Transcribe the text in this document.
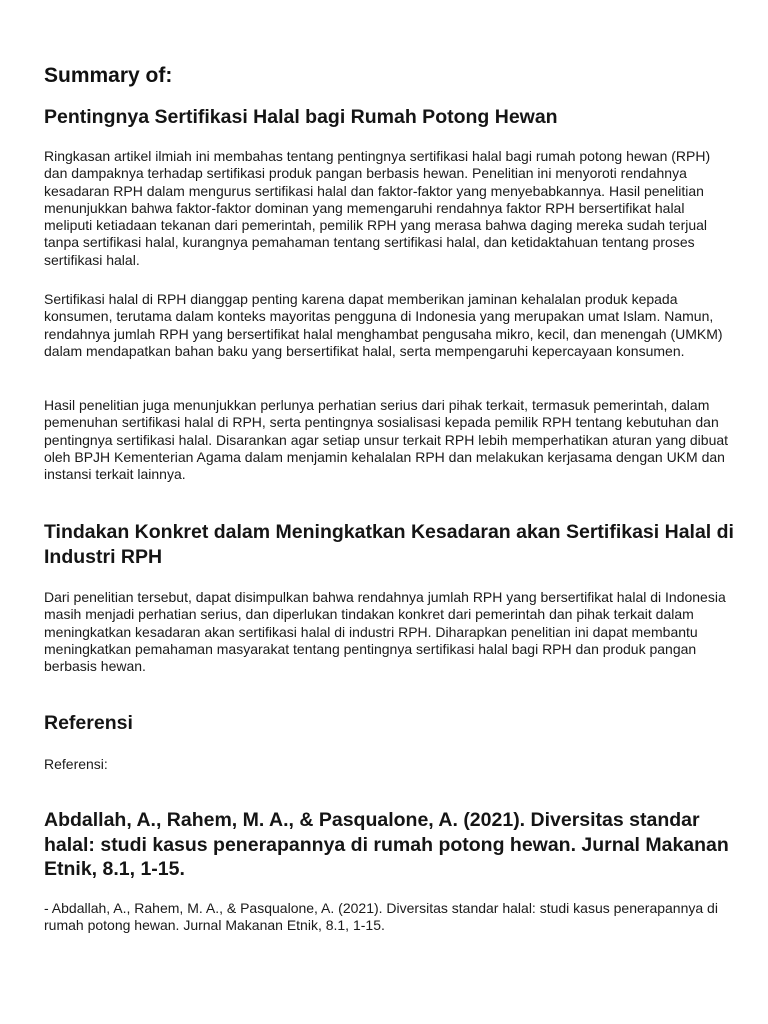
Summary of:
Pentingnya Sertifikasi Halal bagi Rumah Potong Hewan

Ringkasan artikel ilmiah ini membahas tentang pentingnya sertifikasi halal bagi rumah potong hewan (RPH) dan dampaknya terhadap sertifikasi produk pangan berbasis hewan. Penelitian ini menyoroti rendahnya kesadaran RPH dalam mengurus sertifikasi halal dan faktor-faktor yang menyebabkannya. Hasil penelitian menunjukkan bahwa faktor-faktor dominan yang memengaruhi rendahnya faktor RPH bersertifikat halal meliputi ketiadaan tekanan dari pemerintah, pemilik RPH yang merasa bahwa daging mereka sudah terjual tanpa sertifikasi halal, kurangnya pemahaman tentang sertifikasi halal, dan ketidaktahuan tentang proses sertifikasi halal.

Sertifikasi halal di RPH dianggap penting karena dapat memberikan jaminan kehalalan produk kepada konsumen, terutama dalam konteks mayoritas pengguna di Indonesia yang merupakan umat Islam. Namun, rendahnya jumlah RPH yang bersertifikat halal menghambat pengusaha mikro, kecil, dan menengah (UMKM) dalam mendapatkan bahan baku yang bersertifikat halal, serta mempengaruhi kepercayaan konsumen.

Hasil penelitian juga menunjukkan perlunya perhatian serius dari pihak terkait, termasuk pemerintah, dalam pemenuhan sertifikasi halal di RPH, serta pentingnya sosialisasi kepada pemilik RPH tentang kebutuhan dan pentingnya sertifikasi halal. Disarankan agar setiap unsur terkait RPH lebih memperhatikan aturan yang dibuat oleh BPJH Kementerian Agama dalam menjamin kehalalan RPH dan melakukan kerjasama dengan UKM dan instansi terkait lainnya.

Tindakan Konkret dalam Meningkatkan Kesadaran akan Sertifikasi Halal di Industri RPH

Dari penelitian tersebut, dapat disimpulkan bahwa rendahnya jumlah RPH yang bersertifikat halal di Indonesia masih menjadi perhatian serius, dan diperlukan tindakan konkret dari pemerintah dan pihak terkait dalam meningkatkan kesadaran akan sertifikasi halal di industri RPH. Diharapkan penelitian ini dapat membantu meningkatkan pemahaman masyarakat tentang pentingnya sertifikasi halal bagi RPH dan produk pangan berbasis hewan.

Referensi

Referensi:

Abdallah, A., Rahem, M. A., & Pasqualone, A. (2021). Diversitas standar halal: studi kasus penerapannya di rumah potong hewan. Jurnal Makanan Etnik, 8.1, 1-15.

- Abdallah, A., Rahem, M. A., & Pasqualone, A. (2021). Diversitas standar halal: studi kasus penerapannya di rumah potong hewan. Jurnal Makanan Etnik, 8.1, 1-15.
